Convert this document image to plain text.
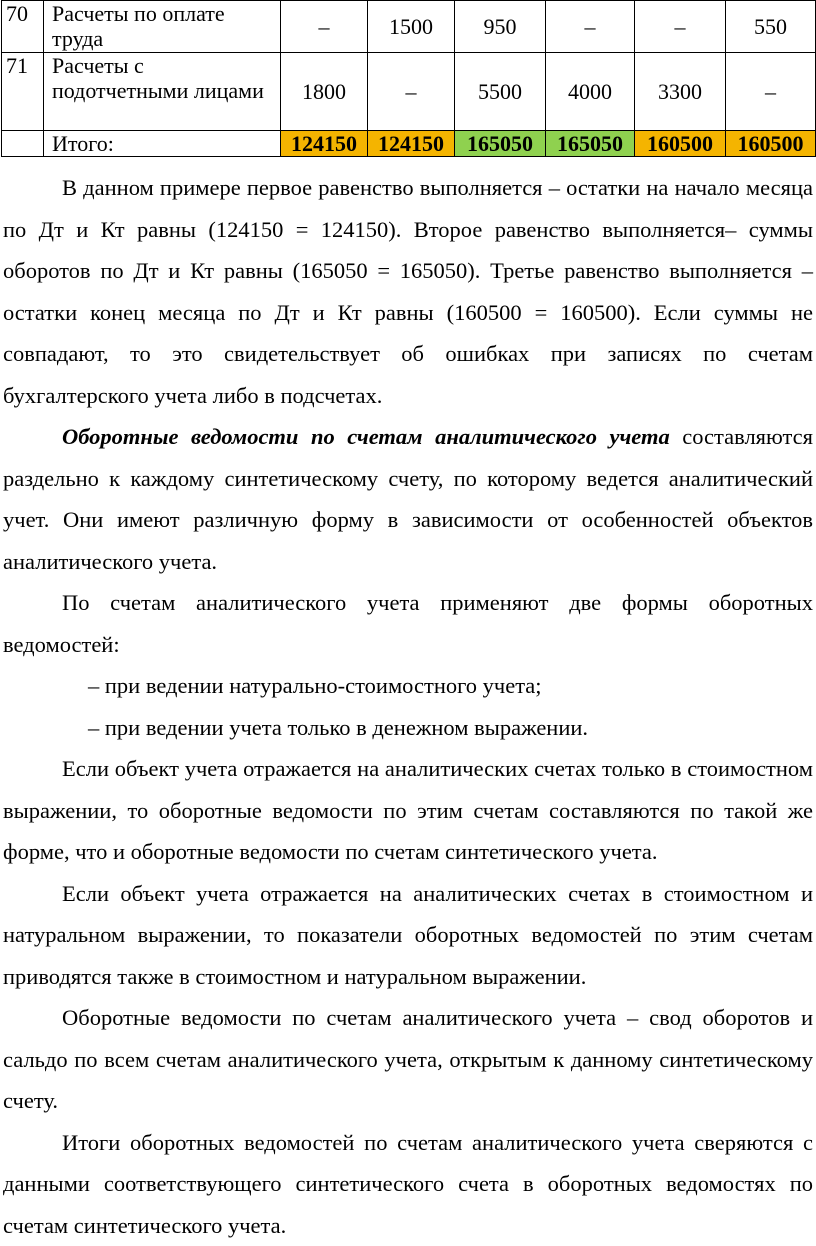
70	Расчеты по оплате труда	–	1500	950	–	–	550
71	Расчеты с подотчетными лицами	1800	–	5500	4000	3300	–
	Итого:	124150	124150	165050	165050	160500	160500

В данном примере первое равенство выполняется – остатки на начало месяца по Дт и Кт равны (124150 = 124150). Второе равенство выполняется– суммы оборотов по Дт и Кт равны (165050 = 165050). Третье равенство выполняется – остатки конец месяца по Дт и Кт равны (160500 = 160500). Если суммы не совпадают, то это свидетельствует об ошибках при записях по счетам бухгалтерского учета либо в подсчетах.

Оборотные ведомости по счетам аналитического учета составляются раздельно к каждому синтетическому счету, по которому ведется аналитический учет. Они имеют различную форму в зависимости от особенностей объектов аналитического учета.

По счетам аналитического учета применяют две формы оборотных ведомостей:

– при ведении натурально-стоимостного учета;

– при ведении учета только в денежном выражении.

Если объект учета отражается на аналитических счетах только в стоимостном выражении, то оборотные ведомости по этим счетам составляются по такой же форме, что и оборотные ведомости по счетам синтетического учета.

Если объект учета отражается на аналитических счетах в стоимостном и натуральном выражении, то показатели оборотных ведомостей по этим счетам приводятся также в стоимостном и натуральном выражении.

Оборотные ведомости по счетам аналитического учета – свод оборотов и сальдо по всем счетам аналитического учета, открытым к данному синтетическому счету.

Итоги оборотных ведомостей по счетам аналитического учета сверяются с данными соответствующего синтетического счета в оборотных ведомостях по счетам синтетического учета.
